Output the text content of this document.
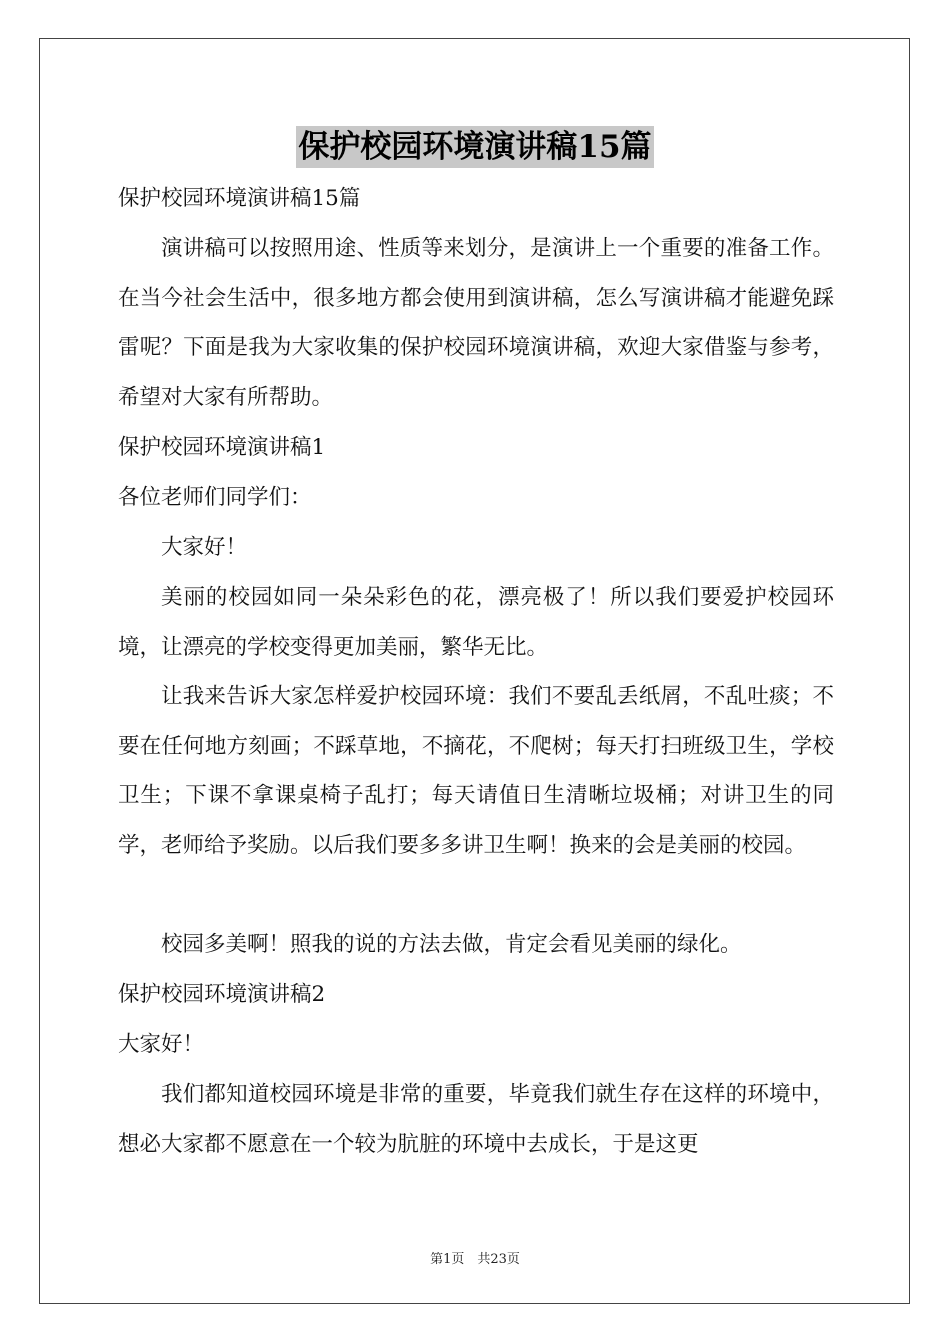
保护校园环境演讲稿15篇

保护校园环境演讲稿15篇

演讲稿可以按照用途、性质等来划分，是演讲上一个重要的准备工作。在当今社会生活中，很多地方都会使用到演讲稿，怎么写演讲稿才能避免踩雷呢？下面是我为大家收集的保护校园环境演讲稿，欢迎大家借鉴与参考，希望对大家有所帮助。

保护校园环境演讲稿1

各位老师们同学们：

大家好！

美丽的校园如同一朵朵彩色的花，漂亮极了！所以我们要爱护校园环境，让漂亮的学校变得更加美丽，繁华无比。

让我来告诉大家怎样爱护校园环境：我们不要乱丢纸屑，不乱吐痰；不要在任何地方刻画；不踩草地，不摘花，不爬树；每天打扫班级卫生，学校卫生；下课不拿课桌椅子乱打；每天请值日生清晰垃圾桶；对讲卫生的同学，老师给予奖励。以后我们要多多讲卫生啊！换来的会是美丽的校园。

校园多美啊！照我的说的方法去做，肯定会看见美丽的绿化。

保护校园环境演讲稿2

大家好！

我们都知道校园环境是非常的重要，毕竟我们就生存在这样的环境中，想必大家都不愿意在一个较为肮脏的环境中去成长，于是这更

第1页　共23页
